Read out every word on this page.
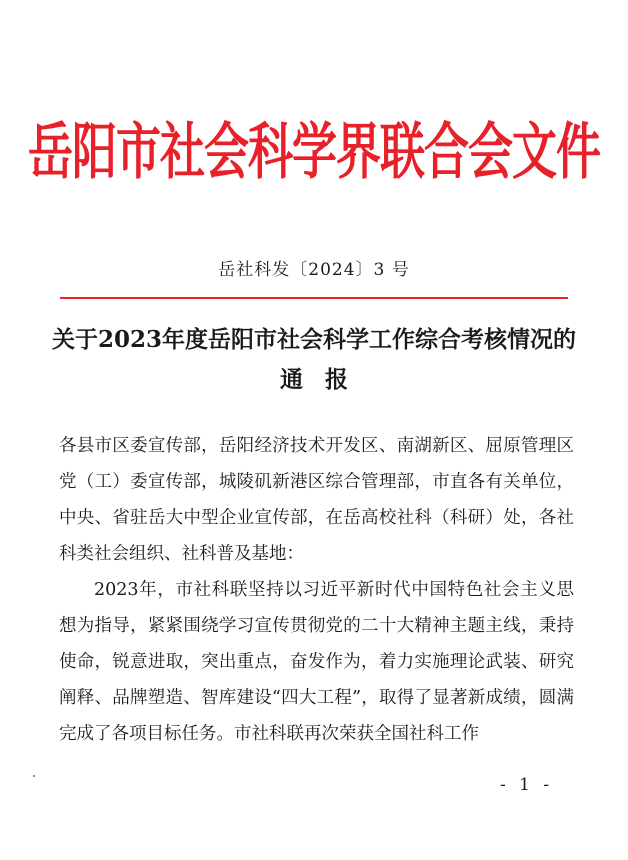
岳阳市社会科学界联合会文件
岳社科发〔2024〕3 号
关于2023年度岳阳市社会科学工作综合考核情况的
通报

各县市区委宣传部，岳阳经济技术开发区、南湖新区、屈原管理区党（工）委宣传部，城陵矶新港区综合管理部，市直各有关单位，中央、省驻岳大中型企业宣传部，在岳高校社科（科研）处，各社科类社会组织、社科普及基地：

2023年，市社科联坚持以习近平新时代中国特色社会主义思想为指导，紧紧围绕学习宣传贯彻党的二十大精神主题主线，秉持使命，锐意进取，突出重点，奋发作为，着力实施理论武装、研究阐释、品牌塑造、智库建设“四大工程”，取得了显著新成绩，圆满完成了各项目标任务。市社科联再次荣获全国社科工作

- 1 -
